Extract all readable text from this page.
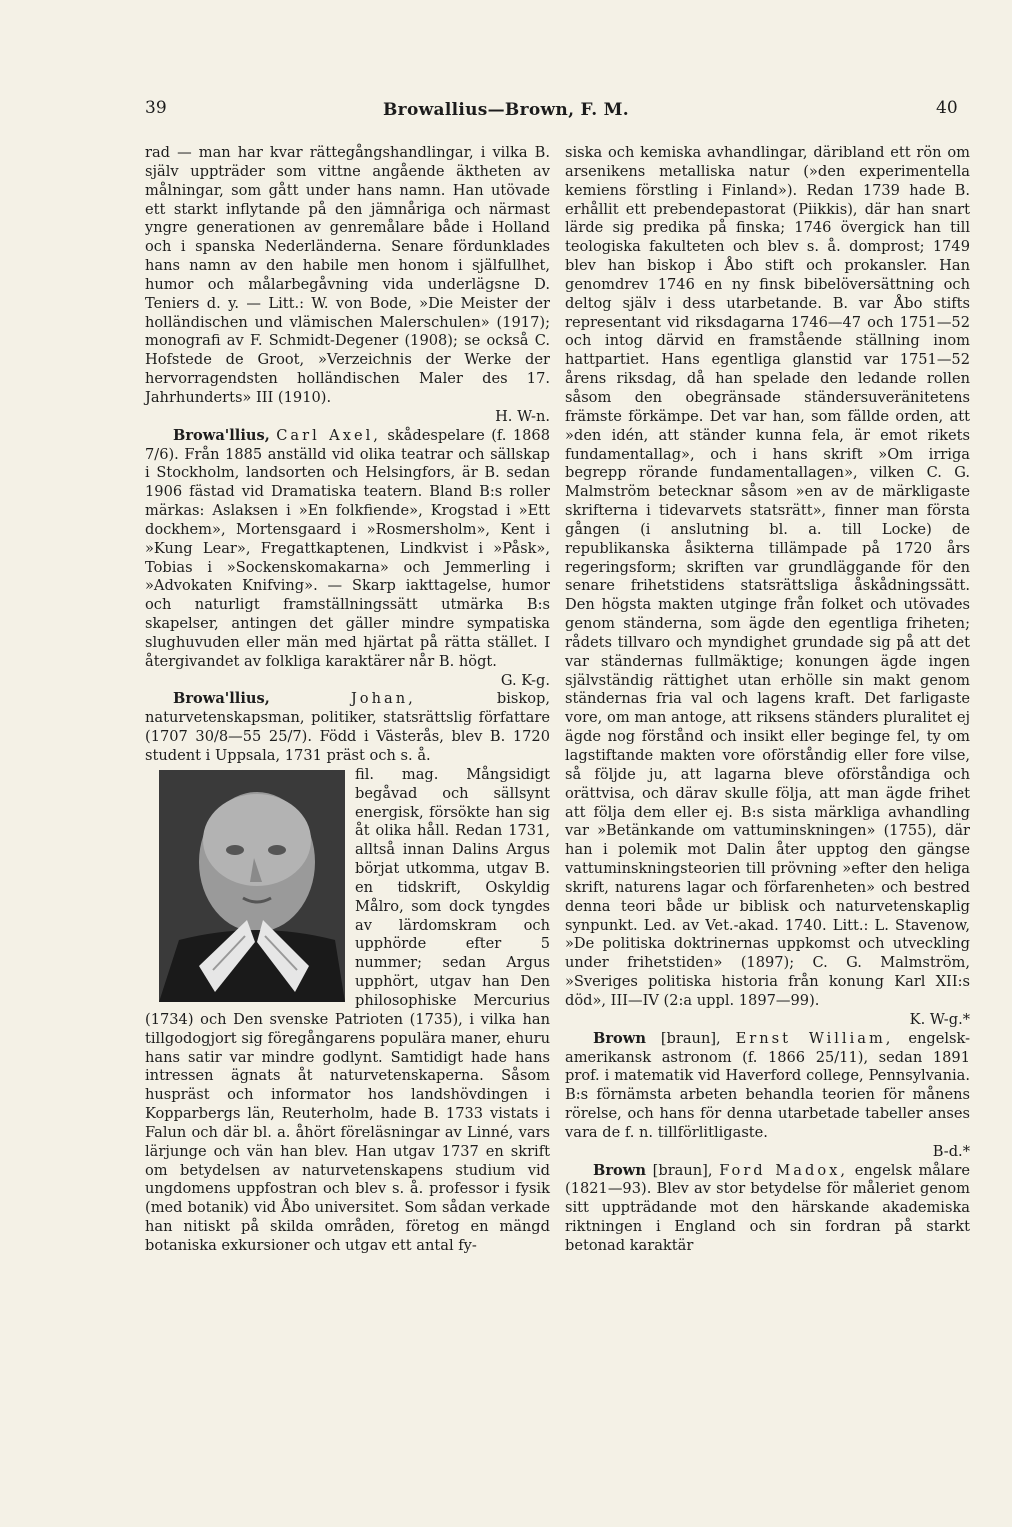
39	Browallius—Brown, F. M.	40

rad — man har kvar rättegångshandlingar, i vilka B. själv uppträder som vittne angående äktheten av målningar, som gått under hans namn. Han utövade ett starkt inflytande på den jämnåriga och närmast yngre generationen av genremålare både i Holland och i spanska Nederländerna. Senare fördunklades hans namn av den habile men honom i själfullhet, humor och målarbegåvning vida underlägsne D. Teniers d. y. — Litt.: W. von Bode, »Die Meister der holländischen und vlämischen Malerschulen» (1917); monografi av F. Schmidt-Degener (1908); se också C. Hofstede de Groot, »Verzeichnis der Werke der hervorragendsten holländischen Maler des 17. Jahrhunderts» III (1910).
H. W-n.

Browa'llius, Carl Axel, skådespelare (f. 1868 7/6). Från 1885 anställd vid olika teatrar och sällskap i Stockholm, landsorten och Helsingfors, är B. sedan 1906 fästad vid Dramatiska teatern. Bland B:s roller märkas: Aslaksen i »En folkfiende», Krogstad i »Ett dockhem», Mortensgaard i »Rosmersholm», Kent i »Kung Lear», Fregattkaptenen, Lindkvist i »Påsk», Tobias i »Sockenskomakarna» och Jemmerling i »Advokaten Knifving». — Skarp iakttagelse, humor och naturligt framställningssätt utmärka B:s skapelser, antingen det gäller mindre sympatiska slughuvuden eller män med hjärtat på rätta stället. I återgivandet av folkliga karaktärer når B. högt.
G. K-g.

Browa'llius,	Johan,	biskop, naturvetenskapsman, politiker, statsrättslig författare (1707 30/8—55 25/7). Född i Västerås, blev B. 1720 student i Uppsala, 1731 präst och s. å.

fil. mag. Mångsidigt begåvad och sällsynt energisk, försökte han sig åt olika håll. Redan 1731, alltså innan Dalins Argus börjat utkomma, utgav B. en tidskrift, Oskyldig Målro, som dock tyngdes av lärdomskram och upphörde efter 5 nummer; sedan Argus upphört, utgav han Den philosophiske Mercurius (1734) och Den svenske Patrioten (1735), i vilka han tillgodogjort sig föregångarens populära maner, ehuru hans satir var mindre godlynt. Samtidigt hade hans intressen ägnats åt naturvetenskaperna. Såsom huspräst och informator hos landshövdingen i Kopparbergs län, Reuterholm, hade B. 1733 vistats i Falun och där bl. a. åhört föreläsningar av Linné, vars lärjunge och vän han blev. Han utgav 1737 en skrift om betydelsen av naturvetenskapens studium vid ungdomens uppfostran och blev s. å. professor i fysik (med botanik) vid Åbo universitet. Som sådan verkade han nitiskt på skilda områden, företog en mängd botaniska exkursioner och utgav ett antal fy-

siska och kemiska avhandlingar, däribland ett rön om arsenikens metalliska natur (»den experimentella kemiens förstling i Finland»). Redan 1739 hade B. erhållit ett prebendepastorat (Piikkis), där han snart lärde sig predika på finska; 1746 övergick han till teologiska fakulteten och blev s. å. domprost; 1749 blev han biskop i Åbo stift och prokansler. Han genomdrev 1746 en ny finsk bibelöversättning och deltog själv i dess utarbetande. B. var Åbo stifts representant vid riksdagarna 1746—47 och 1751—52 och intog därvid en framstående ställning inom hattpartiet. Hans egentliga glanstid var 1751—52 årens riksdag, då han spelade den ledande rollen såsom den obegränsade ständersuveränitetens främste förkämpe. Det var han, som fällde orden, att »den idén, att ständer kunna fela, är emot rikets fundamentallag», och i hans skrift »Om irriga begrepp rörande fundamentallagen», vilken C. G. Malmström betecknar såsom »en av de märkligaste skrifterna i tidevarvets statsrätt», finner man första gången (i anslutning bl. a. till Locke) de republikanska åsikterna tillämpade på 1720 års regeringsform; skriften var grundläggande för den senare frihetstidens statsrättsliga åskådningssätt. Den högsta makten utginge från folket och utövades genom ständerna, som ägde den egentliga friheten; rådets tillvaro och myndighet grundade sig på att det var ständernas fullmäktige; konungen ägde ingen självständig rättighet utan erhölle sin makt genom ständernas fria val och lagens kraft. Det farligaste vore, om man antoge, att riksens ständers pluralitet ej ägde nog förstånd och insikt eller beginge fel, ty om lagstiftande makten vore oförståndig eller fore vilse, så följde ju, att lagarna bleve oförståndiga och orättvisa, och därav skulle följa, att man ägde frihet att följa dem eller ej. B:s sista märkliga avhandling var »Betänkande om vattuminskningen» (1755), där han i polemik mot Dalin åter upptog den gängse vattuminskningsteorien till prövning »efter den heliga skrift, naturens lagar och förfarenheten» och bestred denna teori både ur biblisk och naturvetenskaplig synpunkt. Led. av Vet.-akad. 1740. Litt.: L. Stavenow, »De politiska doktrinernas uppkomst och utveckling under frihetstiden» (1897); C. G. Malmström, »Sveriges politiska historia från konung Karl XII:s död», III—IV (2:a uppl. 1897—99).
K. W-g.*

Brown [braun], Ernst William, engelsk-amerikansk astronom (f. 1866 25/11), sedan 1891 prof. i matematik vid Haverford college, Pennsylvania. B:s förnämsta arbeten behandla teorien för månens rörelse, och hans för denna utarbetade tabeller anses vara de f. n. tillförlitligaste.
B-d.*

Brown [braun], Ford Madox, engelsk målare (1821—93). Blev av stor betydelse för måleriet genom sitt uppträdande mot den härskande akademiska riktningen i England och sin fordran på starkt betonad karaktär
